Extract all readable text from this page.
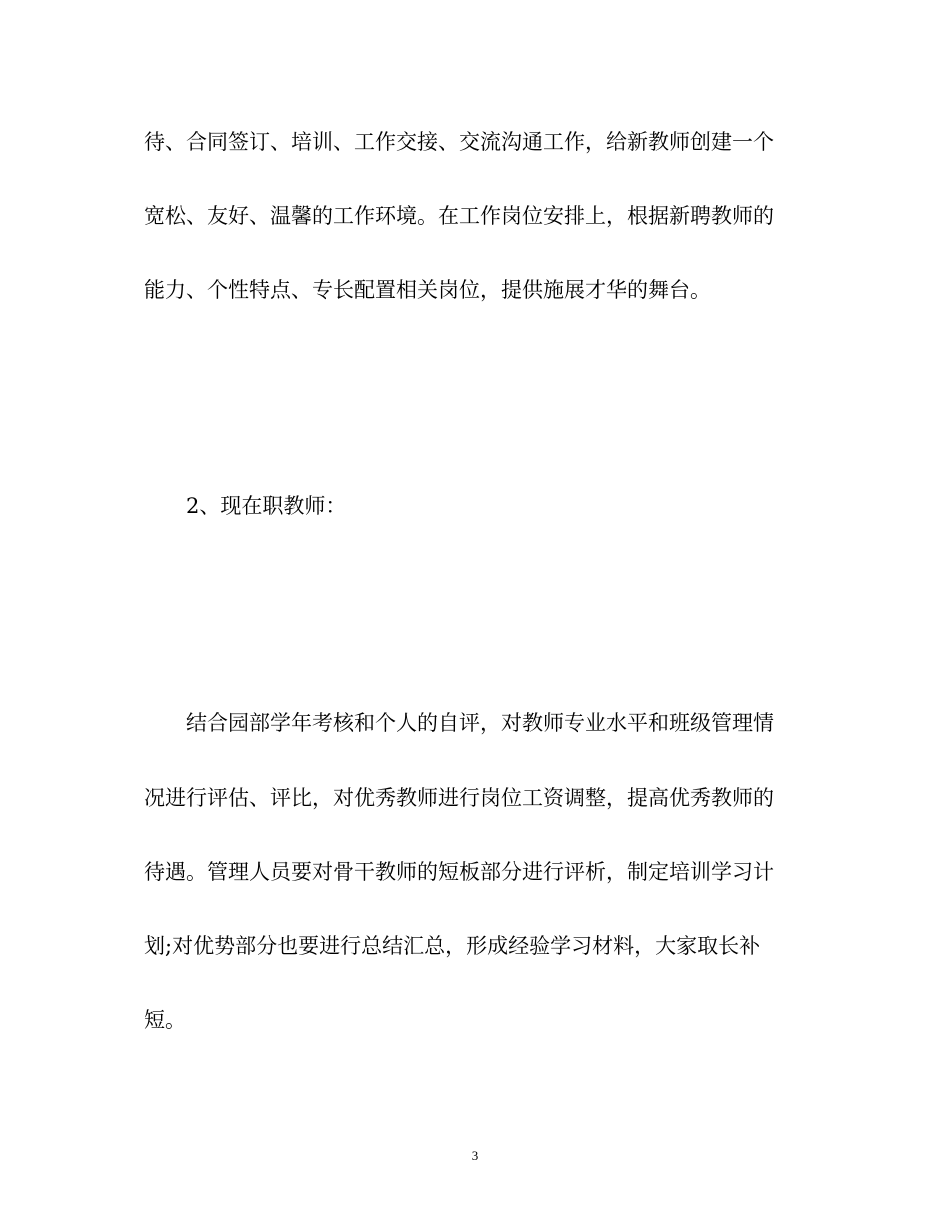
待、合同签订、培训、工作交接、交流沟通工作，给新教师创建一个
宽松、友好、温馨的工作环境。在工作岗位安排上，根据新聘教师的
能力、个性特点、专长配置相关岗位，提供施展才华的舞台。
2、现在职教师：
结合园部学年考核和个人的自评，对教师专业水平和班级管理情
况进行评估、评比，对优秀教师进行岗位工资调整，提高优秀教师的
待遇。管理人员要对骨干教师的短板部分进行评析，制定培训学习计
划;对优势部分也要进行总结汇总，形成经验学习材料，大家取长补
短。
3
